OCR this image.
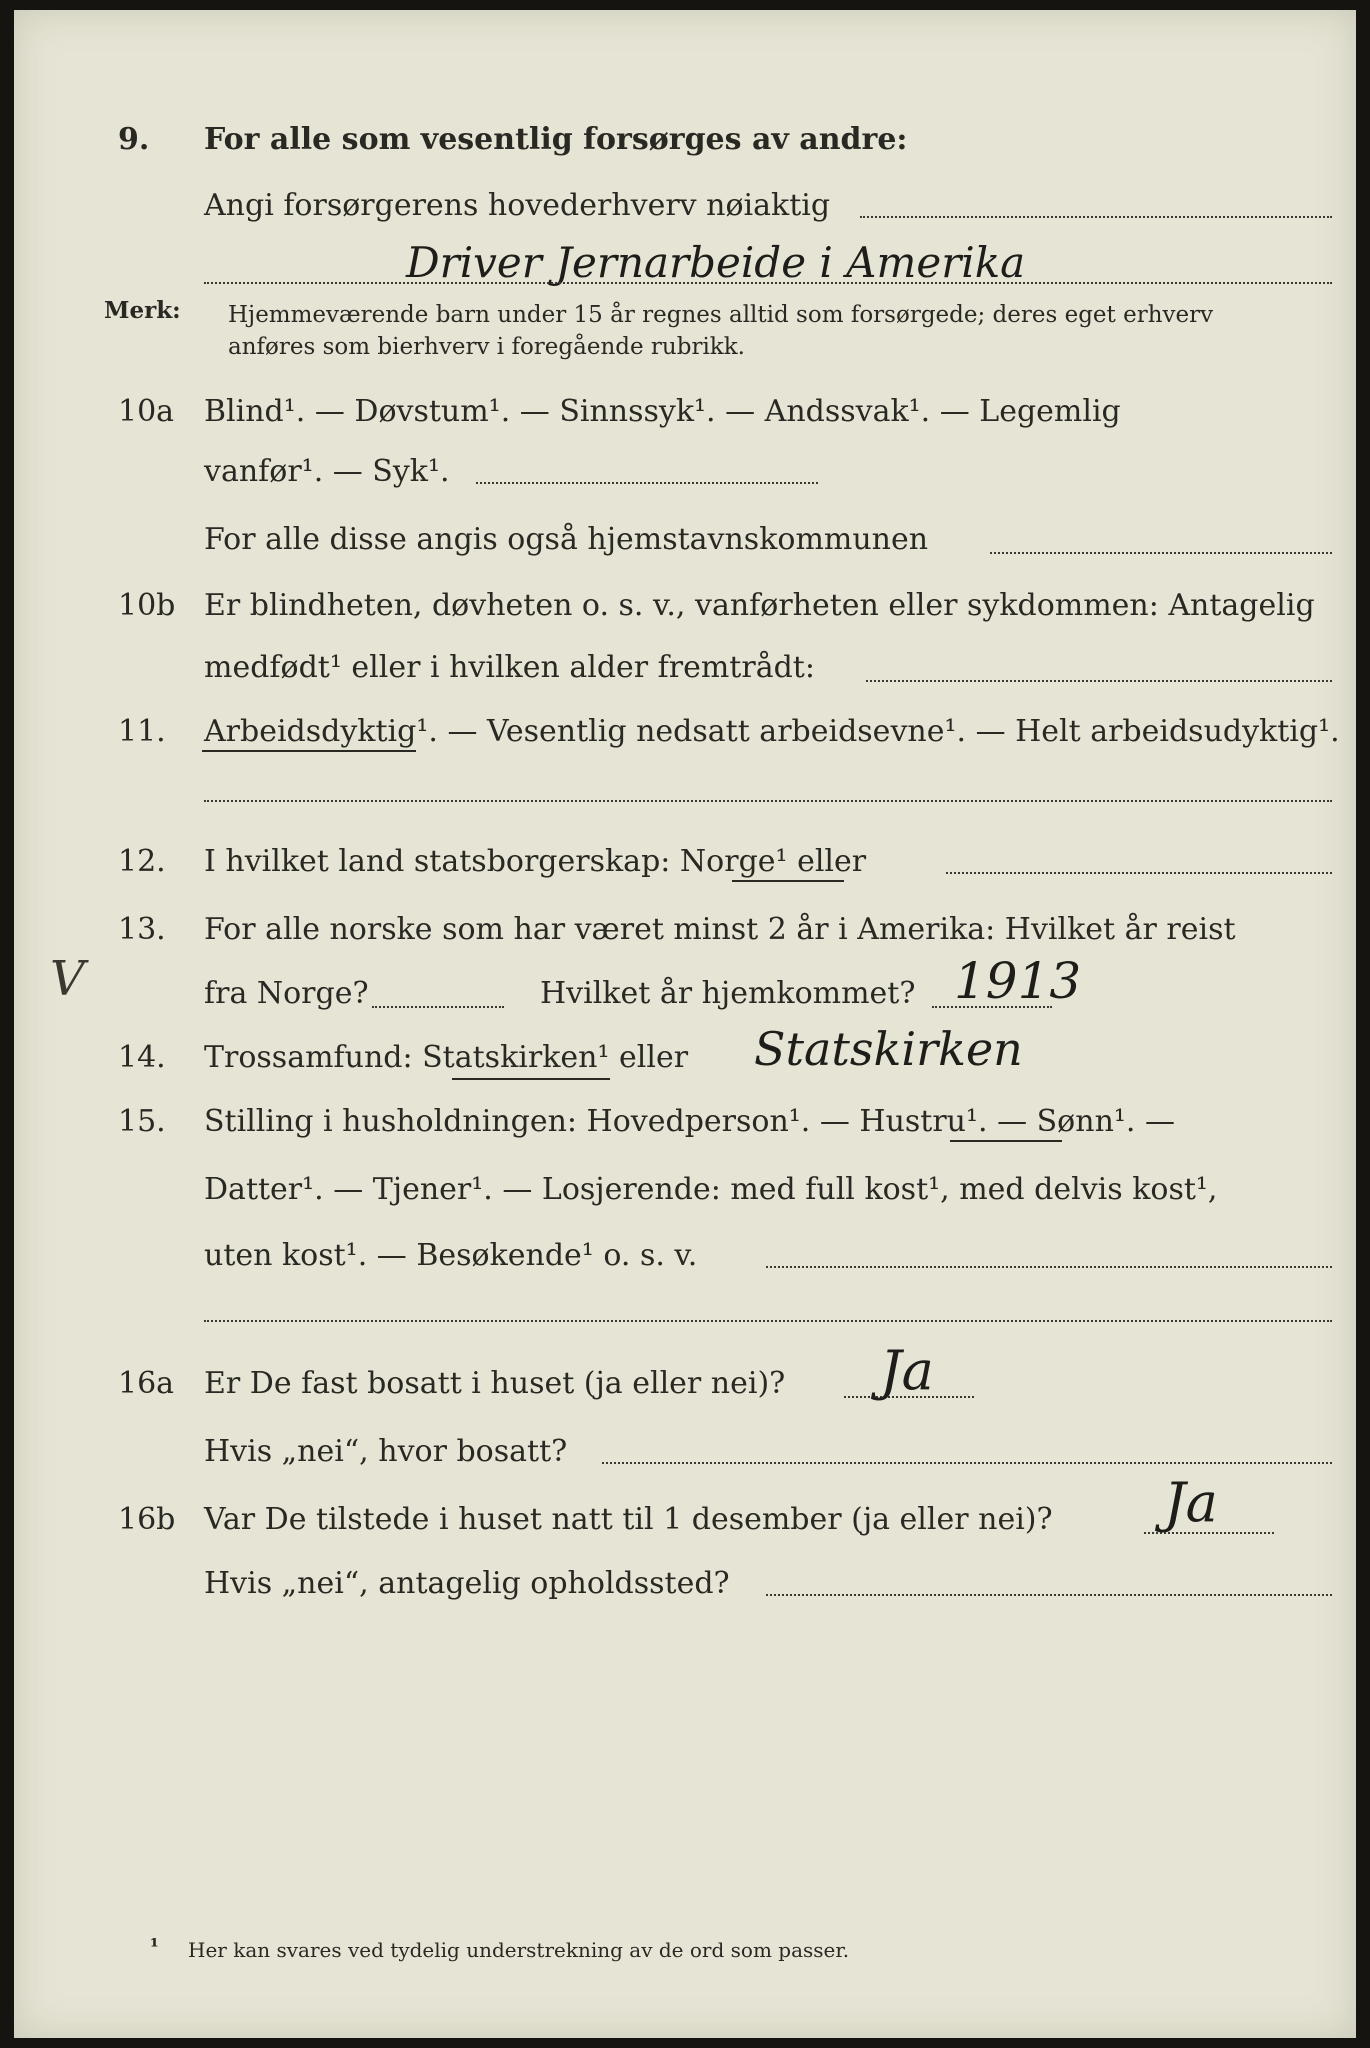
9. For alle som vesentlig forsørges av andre:
Angi forsørgerens hovederhverv nøiaktig
Driver Jernarbeide i Amerika
Merk: Hjemmeværende barn under 15 år regnes alltid som forsørgede; deres eget erhverv
anføres som bierhverv i foregående rubrikk.
10a Blind¹. — Døvstum¹. — Sinnssyk¹. — Andssvak¹. — Legemlig
vanfør¹. — Syk¹.
For alle disse angis også hjemstavnskommunen
10b Er blindheten, døvheten o. s. v., vanførheten eller sykdommen: Antagelig
medfødt¹ eller i hvilken alder fremtrådt:
11. Arbeidsdyktig¹. — Vesentlig nedsatt arbeidsevne¹. — Helt arbeidsudyktig¹.
12. I hvilket land statsborgerskap: Norge¹ eller
V
13. For alle norske som har været minst 2 år i Amerika: Hvilket år reist
fra Norge?	Hvilket år hjemkommet? 1913
14. Trossamfund: Statskirken¹ eller Statskirken
15. Stilling i husholdningen: Hovedperson¹. — Hustru¹. — Sønn¹. —
Datter¹. — Tjener¹. — Losjerende: med full kost¹, med delvis kost¹,
uten kost¹. — Besøkende¹ o. s. v.
16a Er De fast bosatt i huset (ja eller nei)? Ja
Hvis „nei“, hvor bosatt?
16b Var De tilstede i huset natt til 1 desember (ja eller nei)? Ja
Hvis „nei“, antagelig opholdssted?
¹ Her kan svares ved tydelig understrekning av de ord som passer.
